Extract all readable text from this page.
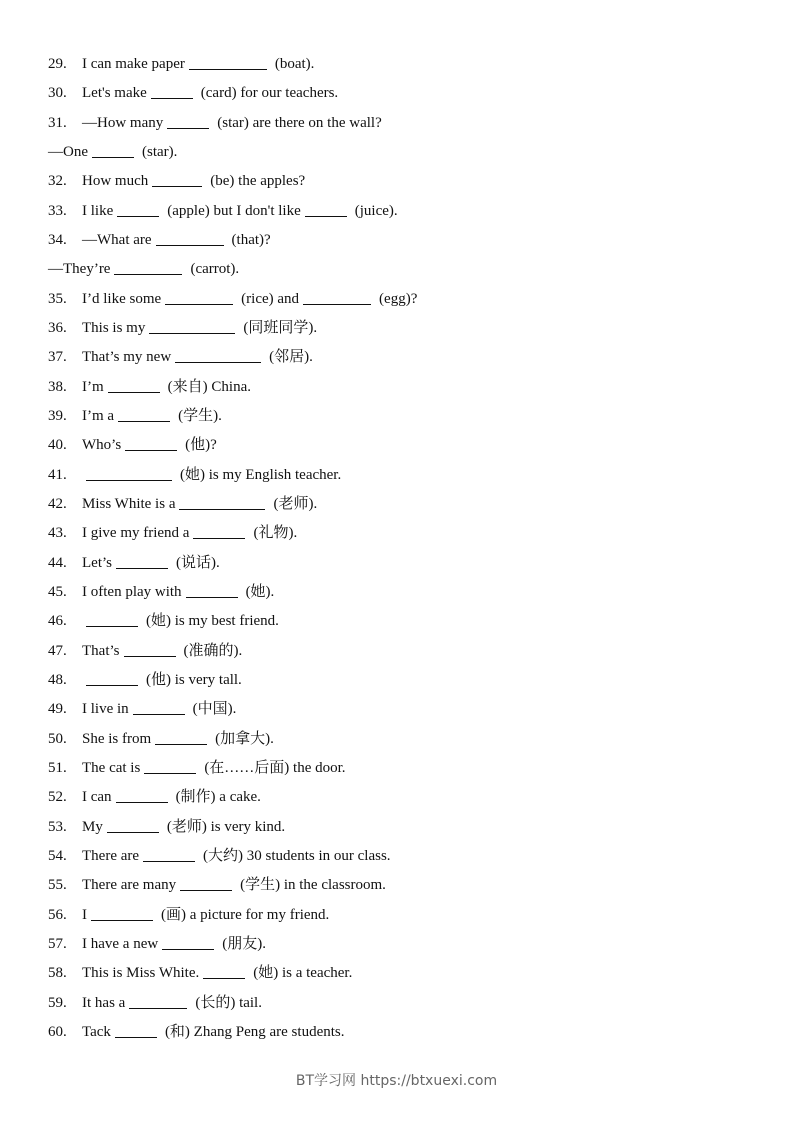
29. I can make paper	(boat).
30. Let's make	(card) for our teachers.
31. —How many	(star) are there on the wall?
—One	(star).
32. How much	(be) the apples?
33. I like	(apple) but I don't like	(juice).
34. —What are	(that)?
—They’re	(carrot).
35. I’d like some	(rice) and	(egg)?
36. This is my	(同班同学).
37. That’s my new	(邻居).
38. I’m	(来自) China.
39. I’m a	(学生).
40. Who’s	(他)?
41.	(她) is my English teacher.
42. Miss White is a	(老师).
43. I give my friend a	(礼物).
44. Let’s	(说话).
45. I often play with	(她).
46.	(她) is my best friend.
47. That’s	(准确的).
48.	(他) is very tall.
49. I live in	(中国).
50. She is from	(加拿大).
51. The cat is	(在……后面) the door.
52. I can	(制作) a cake.
53. My	(老师) is very kind.
54. There are	(大约) 30 students in our class.
55. There are many	(学生) in the classroom.
56. I	(画) a picture for my friend.
57. I have a new	(朋友).
58. This is Miss White.	(她) is a teacher.
59. It has a	(长的) tail.
60. Tack	(和) Zhang Peng are students.
BT学习网 https://btxuexi.com
